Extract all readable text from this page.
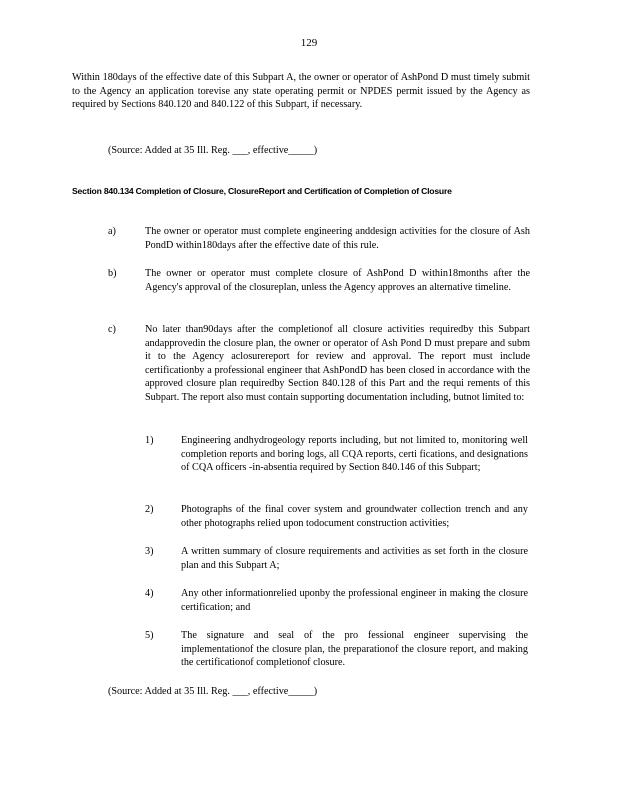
129
Within 180days of the effective date of this Subpart A, the owner or operator of AshPond D must timely submit to the Agency an application torevise any state operating permit or NPDES permit issued by the Agency as required by Sections 840.120 and 840.122 of this Subpart, if necessary.
(Source: Added at 35 Ill. Reg. ___, effective_____)
Section 840.134 Completion of Closure, ClosureReport and Certification of Completion of Closure
a)	The owner or operator must complete engineering anddesign activities for the closure of Ash PondD within180days after the effective date of this rule.
b)	The owner or operator must complete closure of AshPond D within18months after the Agency's approval of the closureplan, unless the Agency approves an alternative timeline.
c)	No later than90days after the completionof all closure activities requiredby this Subpart andapprovedin the closure plan, the owner or operator of Ash Pond D must prepare and subm it to the Agency aclosurereport for review and approval. The report must include certificationby a professional engineer that AshPondD has been closed in accordance with the approved closure plan requiredby Section 840.128 of this Part and the requi rements of this Subpart. The report also must contain supporting documentation including, butnot limited to:
1)	Engineering andhydrogeology reports including, but not limited to, monitoring well completion reports and boring logs, all CQA reports, certi fications, and designations of CQA officers -in-absentia required by Section 840.146 of this Subpart;
2)	Photographs of the final cover system and groundwater collection trench and any other photographs relied upon todocument construction activities;
3)	A written summary of closure requirements and activities as set forth in the closure plan and this Subpart A;
4)	Any other informationrelied uponby the professional engineer in making the closure certification; and
5)	The signature and seal of the pro fessional engineer supervising the implementationof the closure plan, the preparationof the closure report, and making the certificationof completionof closure.
(Source: Added at 35 Ill. Reg. ___, effective_____)
